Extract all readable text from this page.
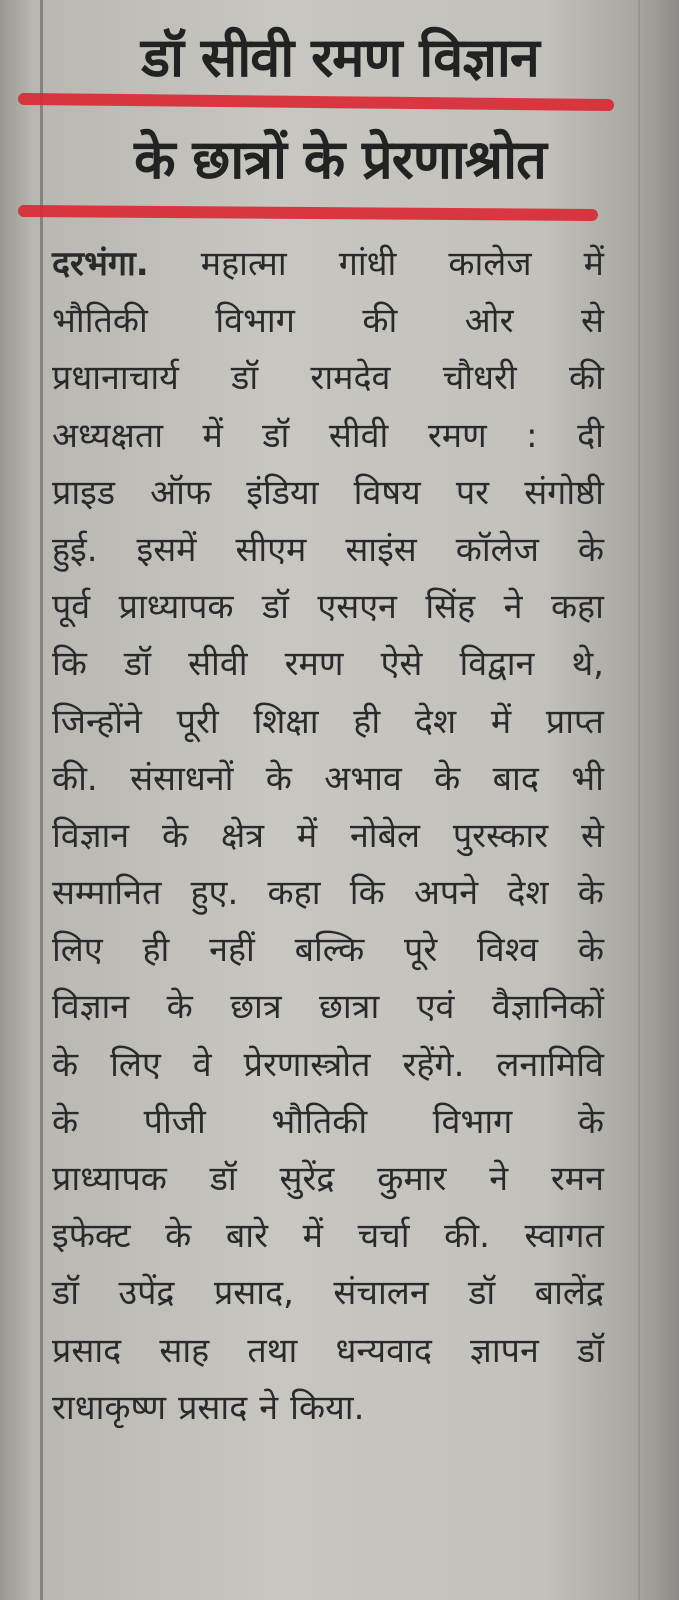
डॉ सीवी रमण विज्ञान
के छात्रों के प्रेरणाश्रोत
दरभंगा. महात्मा गांधी कालेज में
भौतिकी विभाग की ओर से
प्रधानाचार्य डॉ रामदेव चौधरी की
अध्यक्षता में डॉ सीवी रमण : दी
प्राइड ऑफ इंडिया विषय पर संगोष्ठी
हुई. इसमें सीएम साइंस कॉलेज के
पूर्व प्राध्यापक डॉ एसएन सिंह ने कहा
कि डॉ सीवी रमण ऐसे विद्वान थे,
जिन्होंने पूरी शिक्षा ही देश में प्राप्त
की. संसाधनों के अभाव के बाद भी
विज्ञान के क्षेत्र में नोबेल पुरस्कार से
सम्मानित हुए. कहा कि अपने देश के
लिए ही नहीं बल्कि पूरे विश्व के
विज्ञान के छात्र छात्रा एवं वैज्ञानिकों
के लिए वे प्रेरणास्त्रोत रहेंगे. लनामिवि
के पीजी भौतिकी विभाग के
प्राध्यापक डॉ सुरेंद्र कुमार ने रमन
इफेक्ट के बारे में चर्चा की. स्वागत
डॉ उपेंद्र प्रसाद, संचालन डॉ बालेंद्र
प्रसाद साह तथा धन्यवाद ज्ञापन डॉ
राधाकृष्ण प्रसाद ने किया.
